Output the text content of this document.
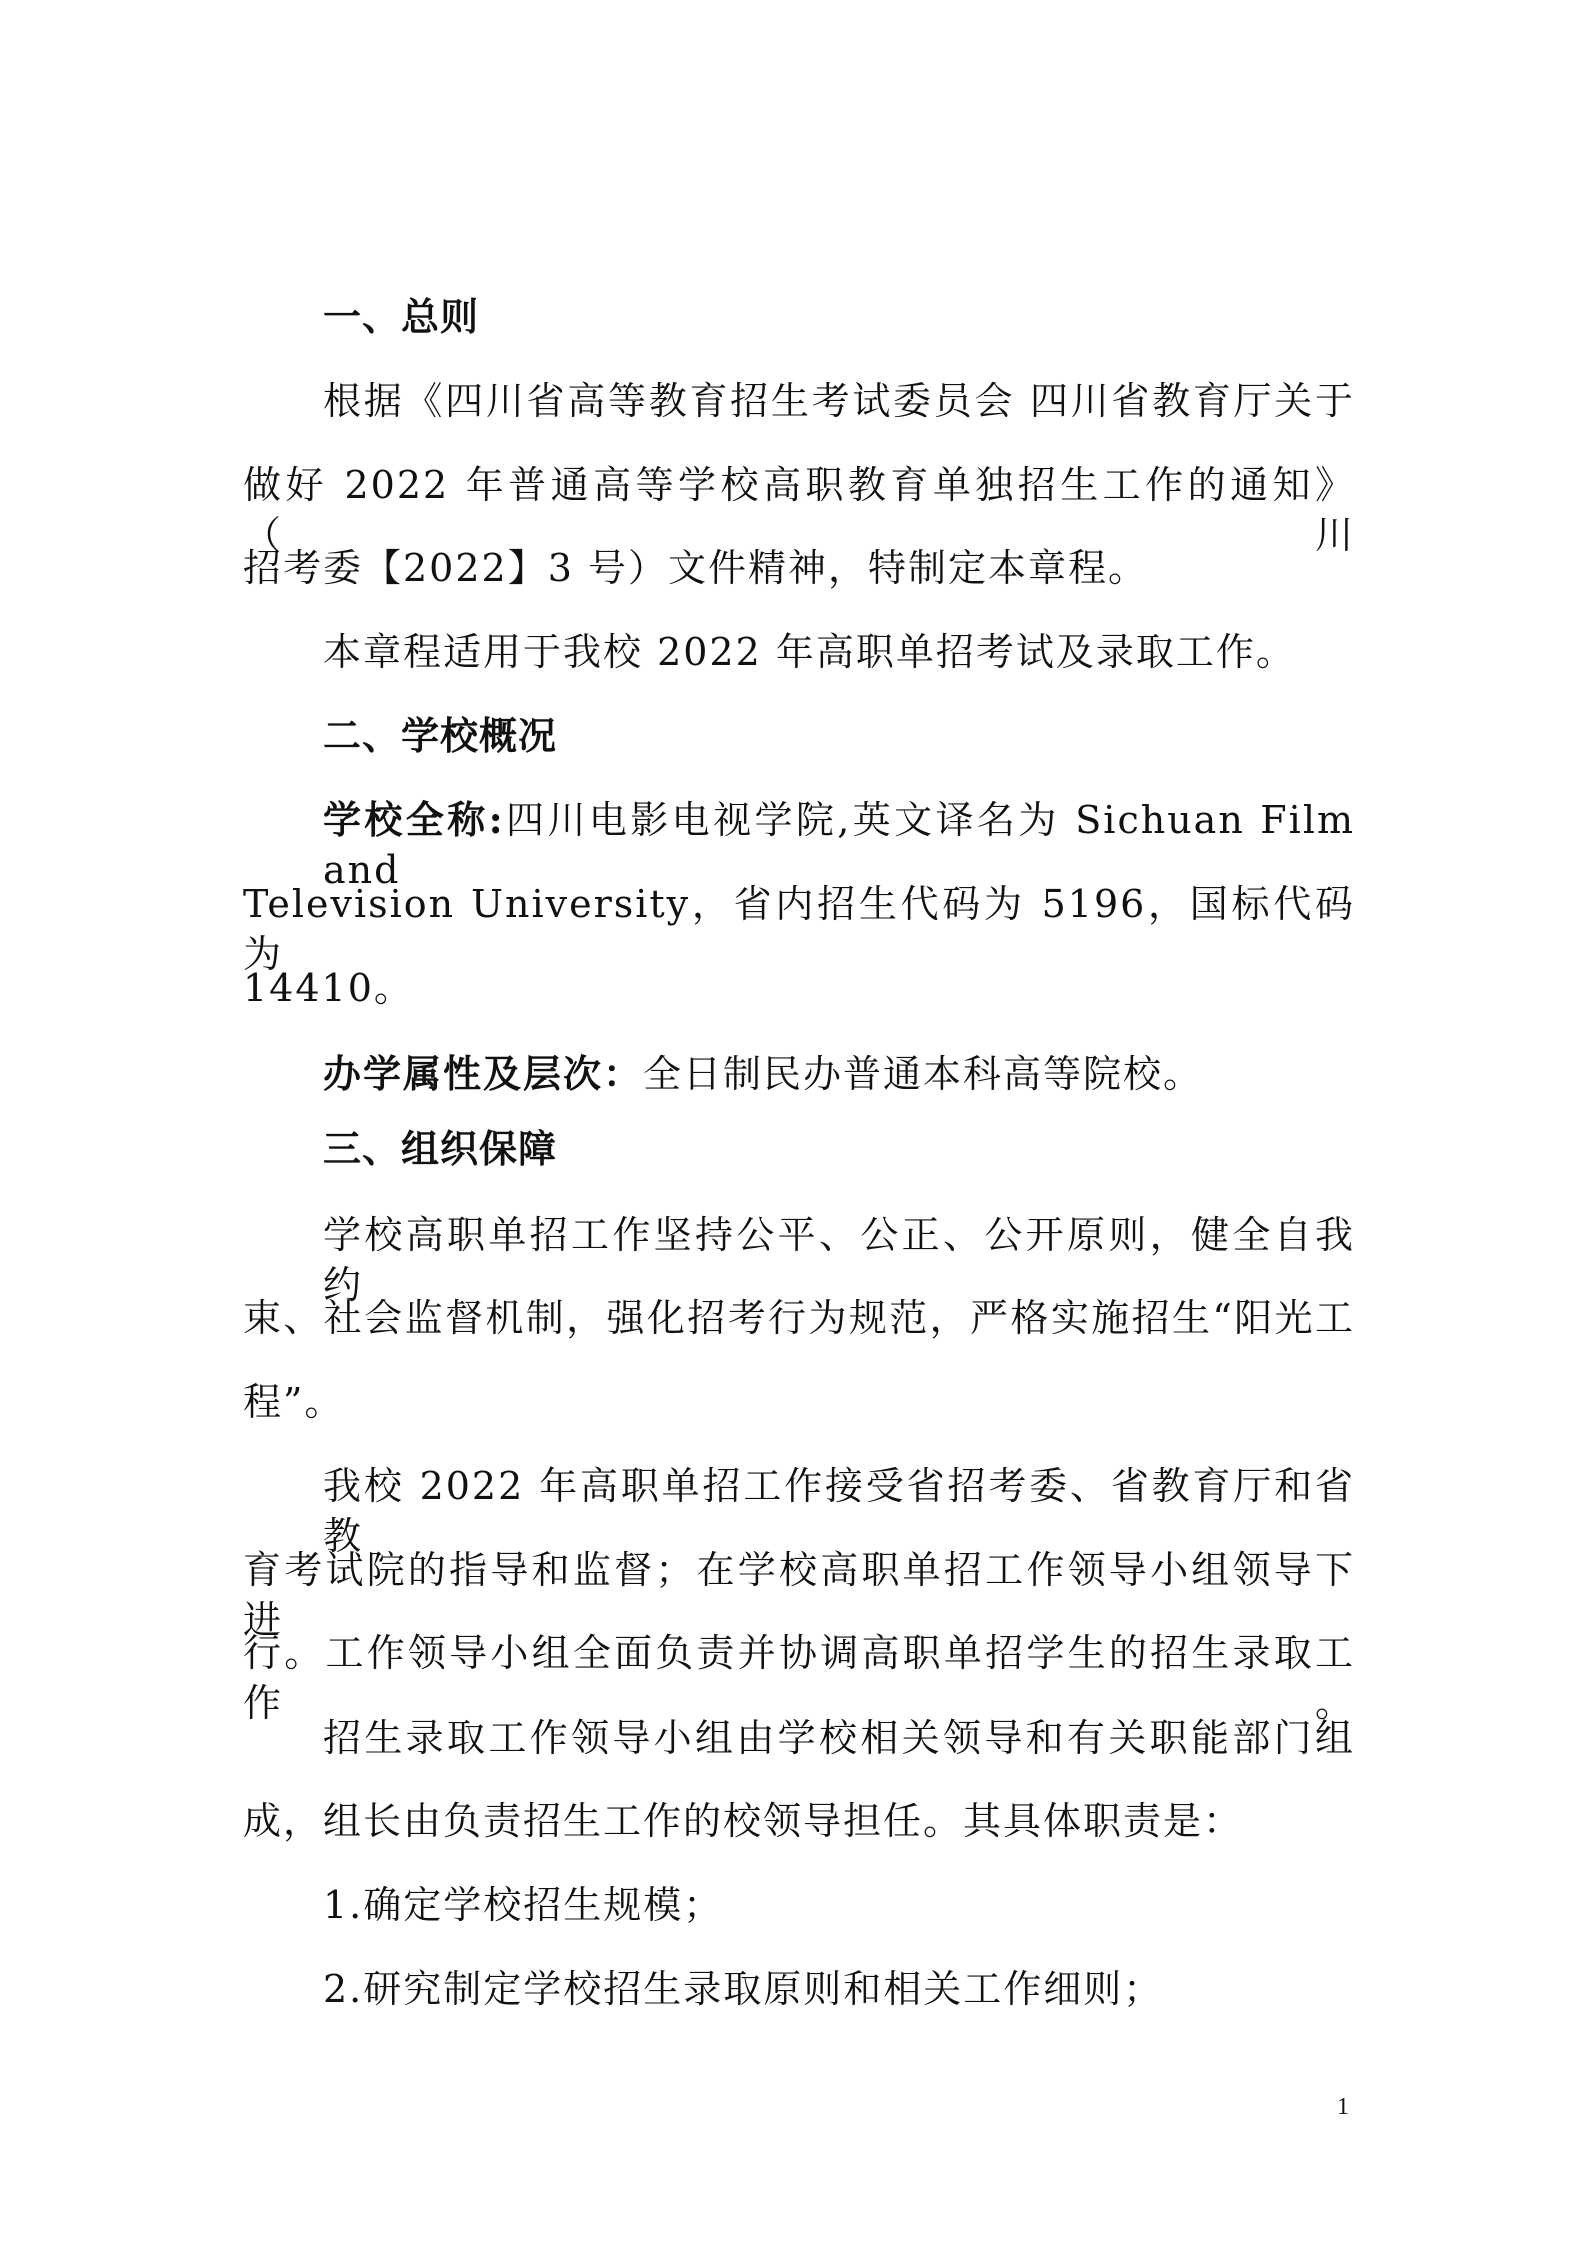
一、总则
根据《四川省高等教育招生考试委员会 四川省教育厅关于
做好 2022 年普通高等学校高职教育单独招生工作的通知》（川
招考委【2022】3 号）文件精神，特制定本章程。
本章程适用于我校 2022 年高职单招考试及录取工作。
二、学校概况
学校全称:四川电影电视学院,英文译名为 Sichuan Film and
Television University，省内招生代码为 5196，国标代码为
14410。
办学属性及层次：全日制民办普通本科高等院校。
三、组织保障
学校高职单招工作坚持公平、公正、公开原则，健全自我约
束、社会监督机制，强化招考行为规范，严格实施招生“阳光工
程”。
我校 2022 年高职单招工作接受省招考委、省教育厅和省教
育考试院的指导和监督；在学校高职单招工作领导小组领导下进
行。工作领导小组全面负责并协调高职单招学生的招生录取工作。
招生录取工作领导小组由学校相关领导和有关职能部门组
成，组长由负责招生工作的校领导担任。其具体职责是：
1.确定学校招生规模；
2.研究制定学校招生录取原则和相关工作细则；
1
